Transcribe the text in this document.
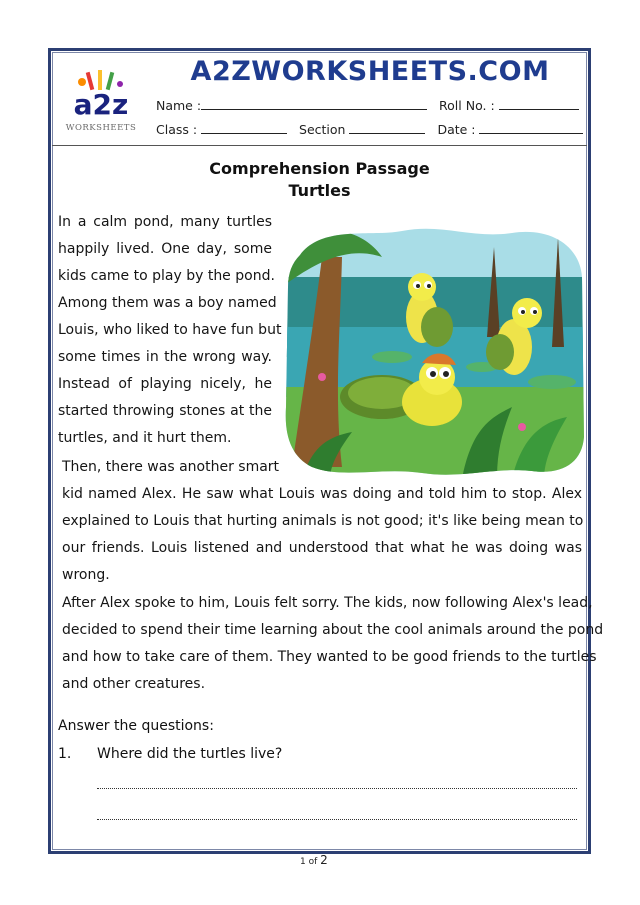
a2z
WORKSHEETS
A2ZWORKSHEETS.COM
Name :	Roll No. :
Class :	Section	Date :
Comprehension Passage
Turtles
In a calm pond, many turtles
happily lived. One day, some
kids came to play by the pond.
Among them was a boy named
Louis, who liked to have fun but
some times in the wrong way.
Instead of playing nicely, he
started throwing stones at the
turtles, and it hurt them.
Then, there was another smart
kid named Alex. He saw what Louis was doing and told him to stop. Alex
explained to Louis that hurting animals is not good; it's like being mean to
our friends. Louis listened and understood that what he was doing was
wrong.
After Alex spoke to him, Louis felt sorry. The kids, now following Alex's lead,
decided to spend their time learning about the cool animals around the pond
and how to take care of them. They wanted to be good friends to the turtles
and other creatures.
Answer the questions:
1. Where did the turtles live?
1 of 2
